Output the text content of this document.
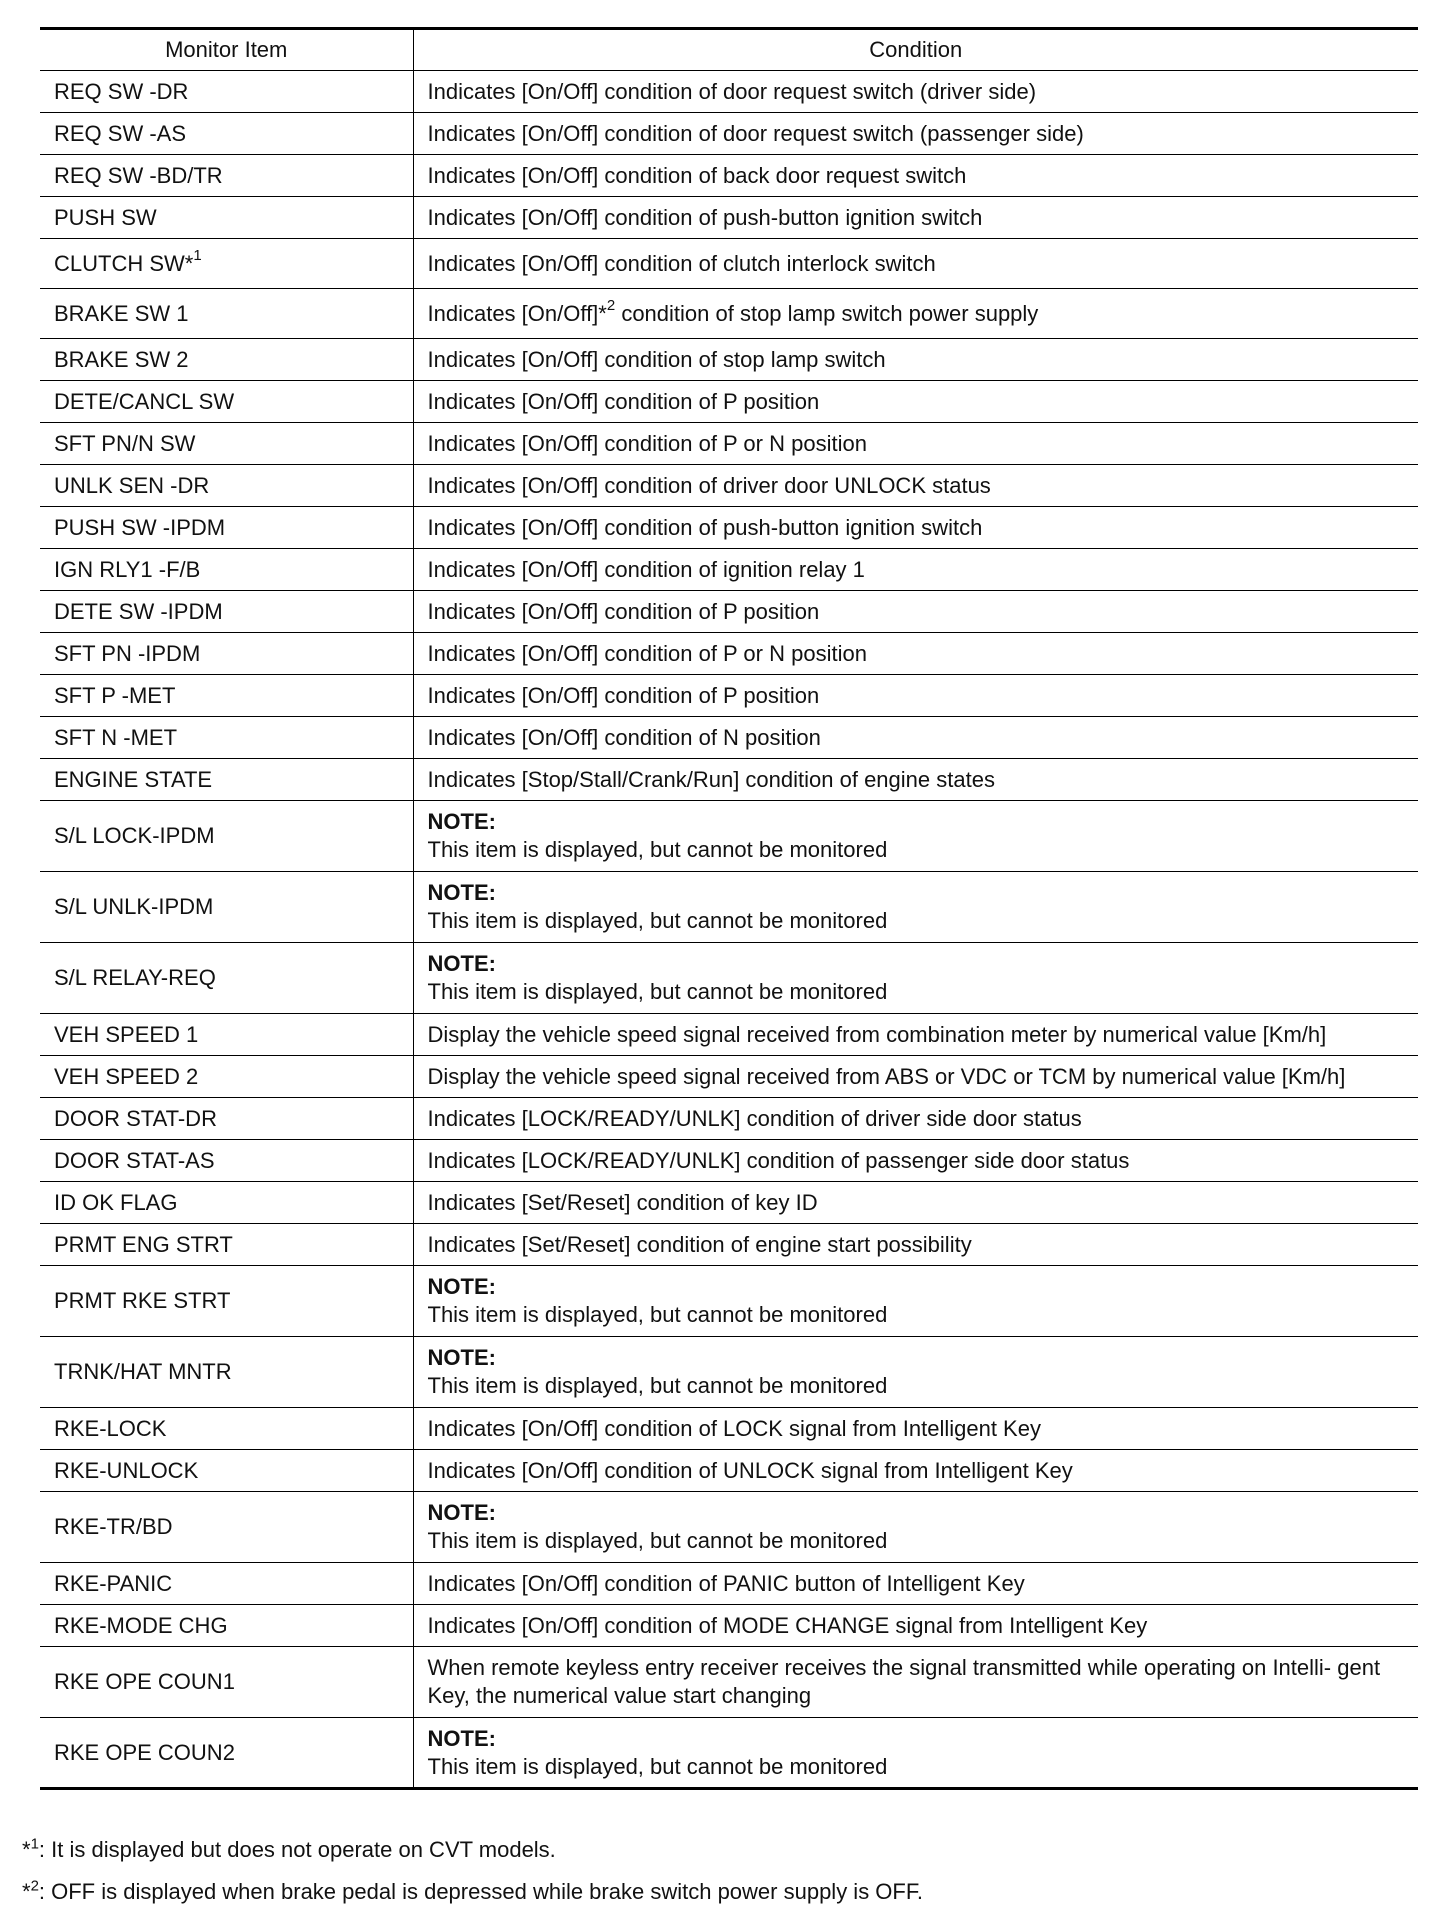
Monitor Item	Condition
REQ SW -DR	Indicates [On/Off] condition of door request switch (driver side)
REQ SW -AS	Indicates [On/Off] condition of door request switch (passenger side)
REQ SW -BD/TR	Indicates [On/Off] condition of back door request switch
PUSH SW	Indicates [On/Off] condition of push-button ignition switch
CLUTCH SW*$^1$	Indicates [On/Off] condition of clutch interlock switch
BRAKE SW 1	Indicates [On/Off]*$^2$ condition of stop lamp switch power supply
BRAKE SW 2	Indicates [On/Off] condition of stop lamp switch
DETE/CANCL SW	Indicates [On/Off] condition of P position
SFT PN/N SW	Indicates [On/Off] condition of P or N position
UNLK SEN -DR	Indicates [On/Off] condition of driver door UNLOCK status
PUSH SW -IPDM	Indicates [On/Off] condition of push-button ignition switch
IGN RLY1 -F/B	Indicates [On/Off] condition of ignition relay 1
DETE SW -IPDM	Indicates [On/Off] condition of P position
SFT PN -IPDM	Indicates [On/Off] condition of P or N position
SFT P -MET	Indicates [On/Off] condition of P position
SFT N -MET	Indicates [On/Off] condition of N position
ENGINE STATE	Indicates [Stop/Stall/Crank/Run] condition of engine states
S/L LOCK-IPDM	NOTE:
This item is displayed, but cannot be monitored

S/L UNLK-IPDM	NOTE:
This item is displayed, but cannot be monitored

S/L RELAY-REQ	NOTE:
This item is displayed, but cannot be monitored

VEH SPEED 1	Display the vehicle speed signal received from combination meter by numerical value [Km/h]
VEH SPEED 2	Display the vehicle speed signal received from ABS or VDC or TCM by numerical value [Km/h]
DOOR STAT-DR	Indicates [LOCK/READY/UNLK] condition of driver side door status
DOOR STAT-AS	Indicates [LOCK/READY/UNLK] condition of passenger side door status
ID OK FLAG	Indicates [Set/Reset] condition of key ID
PRMT ENG STRT	Indicates [Set/Reset] condition of engine start possibility
PRMT RKE STRT	NOTE:
This item is displayed, but cannot be monitored

TRNK/HAT MNTR	NOTE:
This item is displayed, but cannot be monitored

RKE-LOCK	Indicates [On/Off] condition of LOCK signal from Intelligent Key
RKE-UNLOCK	Indicates [On/Off] condition of UNLOCK signal from Intelligent Key
RKE-TR/BD	NOTE:
This item is displayed, but cannot be monitored

RKE-PANIC	Indicates [On/Off] condition of PANIC button of Intelligent Key
RKE-MODE CHG	Indicates [On/Off] condition of MODE CHANGE signal from Intelligent Key
RKE OPE COUN1	When remote keyless entry receiver receives the signal transmitted while operating on Intelli- gent Key, the numerical value start changing
RKE OPE COUN2	NOTE:
This item is displayed, but cannot be monitored
*$^1$: It is displayed but does not operate on CVT models.
*$^2$: OFF is displayed when brake pedal is depressed while brake switch power supply is OFF.
